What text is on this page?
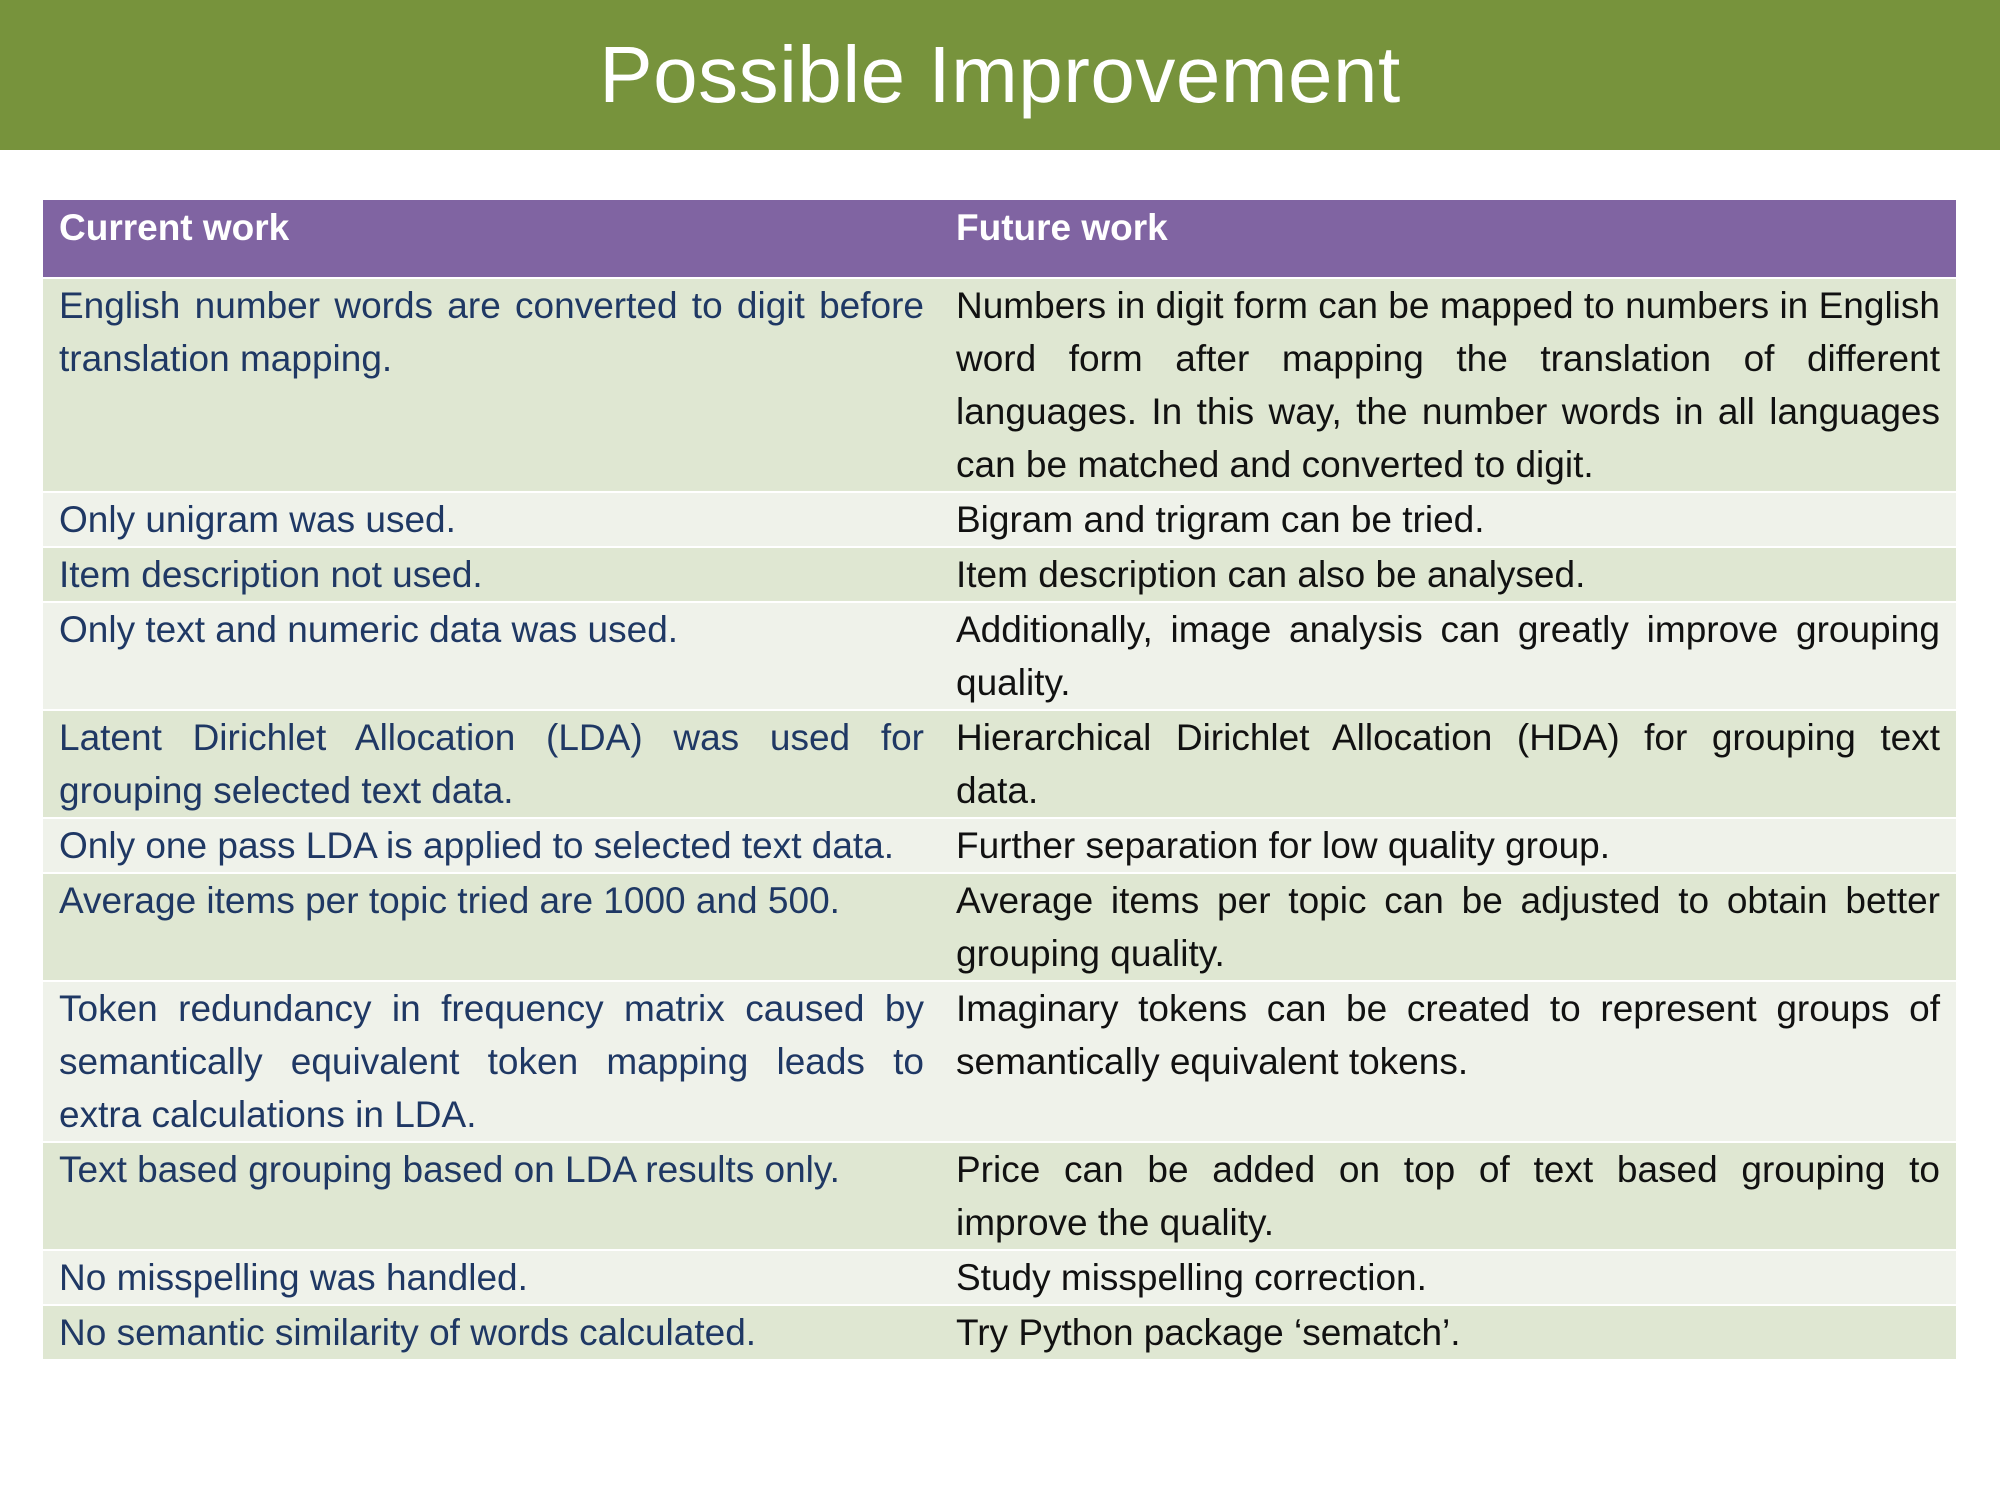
Possible Improvement
Current work	Future work
English number words are converted to digit before translation mapping.	Numbers in digit form can be mapped to numbers in English word form after mapping the translation of different languages. In this way, the number words in all languages can be matched and converted to digit.
Only unigram was used.	Bigram and trigram can be tried.
Item description not used.	Item description can also be analysed.
Only text and numeric data was used.	Additionally, image analysis can greatly improve grouping quality.
Latent Dirichlet Allocation (LDA) was used for grouping selected text data.	Hierarchical Dirichlet Allocation (HDA) for grouping text data.
Only one pass LDA is applied to selected text data.	Further separation for low quality group.
Average items per topic tried are 1000 and 500.	Average items per topic can be adjusted to obtain better grouping quality.
Token redundancy in frequency matrix caused by semantically equivalent token mapping leads to extra calculations in LDA.	Imaginary tokens can be created to represent groups of semantically equivalent tokens.
Text based grouping based on LDA results only.	Price can be added on top of text based grouping to improve the quality.
No misspelling was handled.	Study misspelling correction.
No semantic similarity of words calculated.	Try Python package ‘sematch’.
